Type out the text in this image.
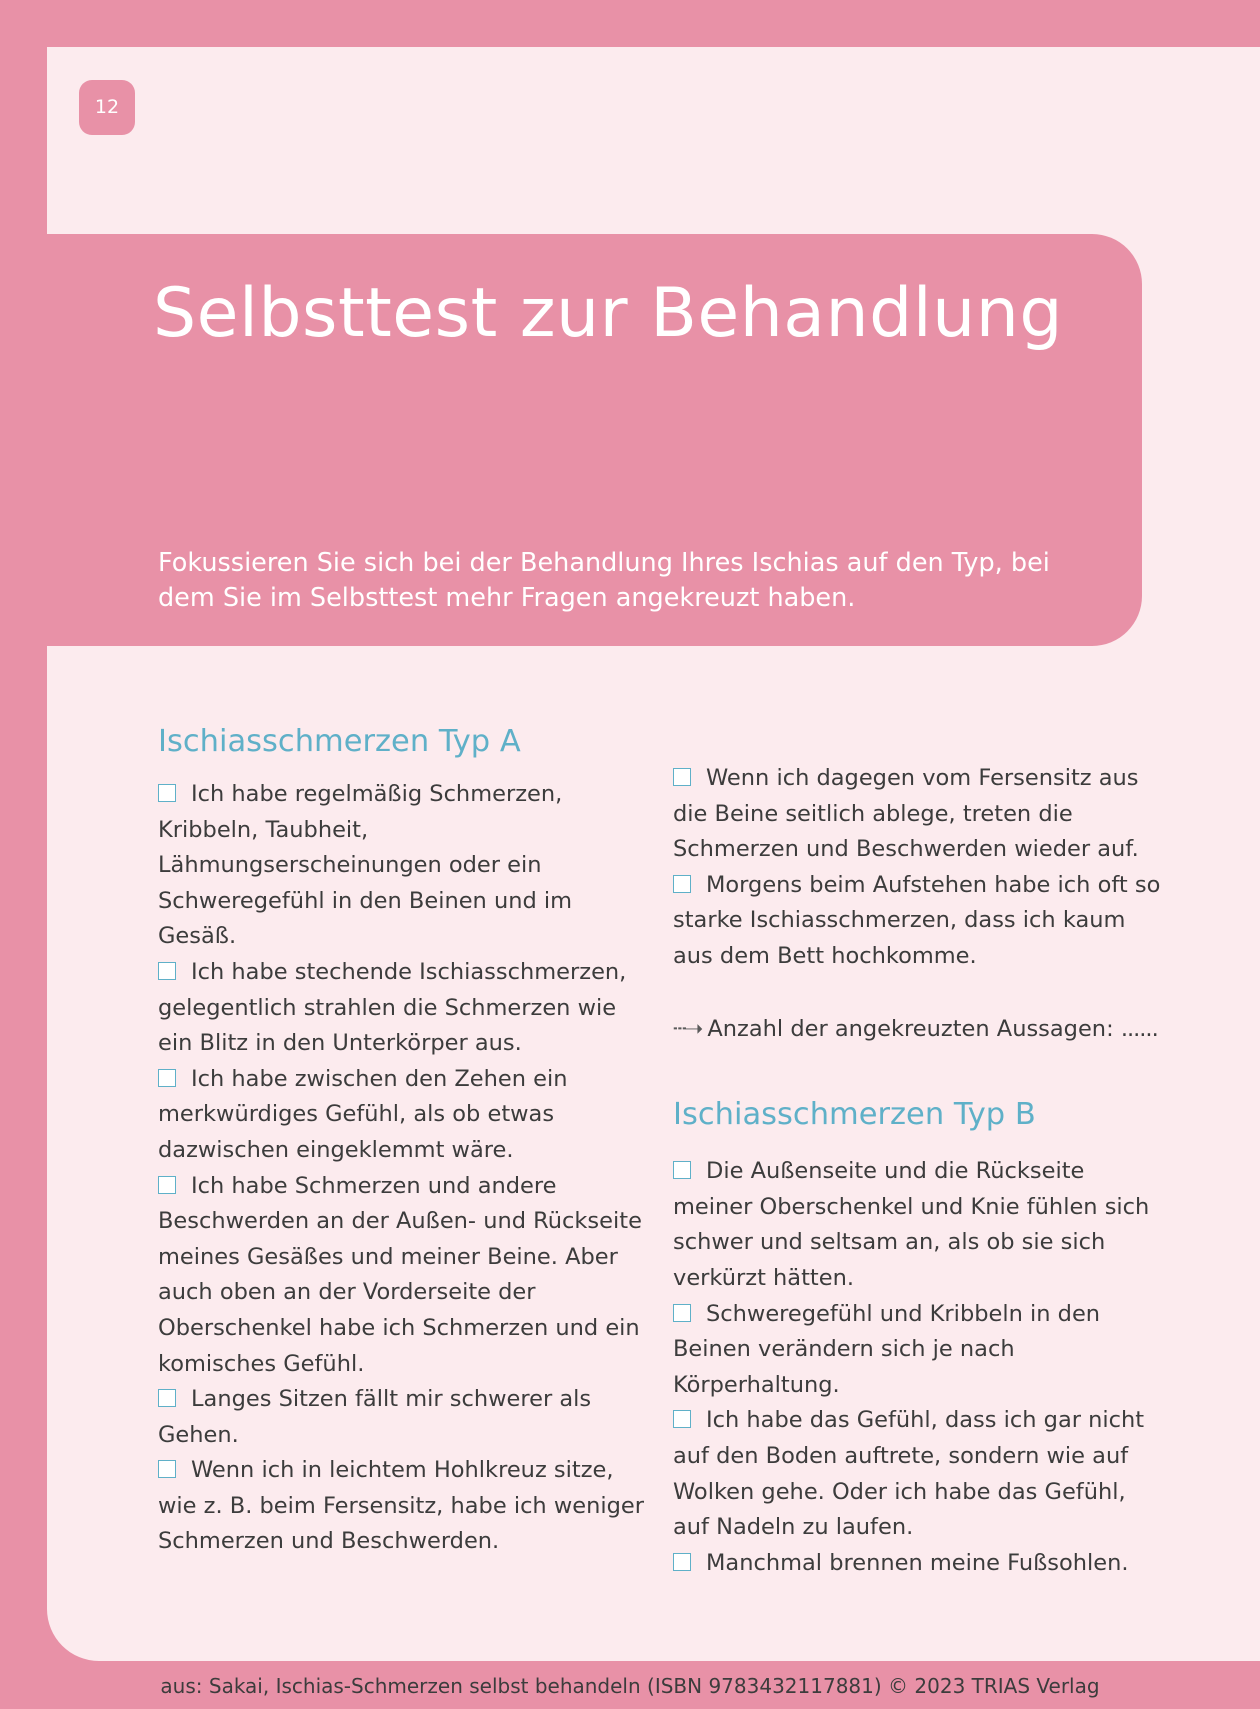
12
Selbsttest zur Behandlung

Fokussieren Sie sich bei der Behandlung Ihres Ischias auf den Typ, bei dem Sie im Selbsttest mehr Fragen angekreuzt haben.

Ischiasschmerzen Typ A

Ich habe regelmäßig Schmerzen, Kribbeln, Taubheit, Lähmungserscheinungen oder ein Schweregefühl in den Beinen und im Gesäß.

Ich habe stechende Ischiasschmerzen, gelegentlich strahlen die Schmerzen wie ein Blitz in den Unterkörper aus.

Ich habe zwischen den Zehen ein merkwürdiges Gefühl, als ob etwas dazwischen eingeklemmt wäre.

Ich habe Schmerzen und andere Beschwerden an der Außen- und Rückseite meines Gesäßes und meiner Beine. Aber auch oben an der Vorderseite der Oberschenkel habe ich Schmerzen und ein komisches Gefühl.

Langes Sitzen fällt mir schwerer als Gehen.

Wenn ich in leichtem Hohlkreuz sitze, wie z. B. beim Fersensitz, habe ich weniger Schmerzen und Beschwerden.

Wenn ich dagegen vom Fersensitz aus die Beine seitlich ablege, treten die Schmerzen und Beschwerden wieder auf.

Morgens beim Aufstehen habe ich oft so starke Ischiasschmerzen, dass ich kaum aus dem Bett hochkomme.

┄➝ Anzahl der angekreuzten Aussagen: ......

Ischiasschmerzen Typ B

Die Außenseite und die Rückseite meiner Oberschenkel und Knie fühlen sich schwer und seltsam an, als ob sie sich verkürzt hätten.

Schweregefühl und Kribbeln in den Beinen verändern sich je nach Körperhaltung.

Ich habe das Gefühl, dass ich gar nicht auf den Boden auftrete, sondern wie auf Wolken gehe. Oder ich habe das Gefühl, auf Nadeln zu laufen.

Manchmal brennen meine Fußsohlen.

aus: Sakai, Ischias-Schmerzen selbst behandeln (ISBN 9783432117881) © 2023 TRIAS Verlag
